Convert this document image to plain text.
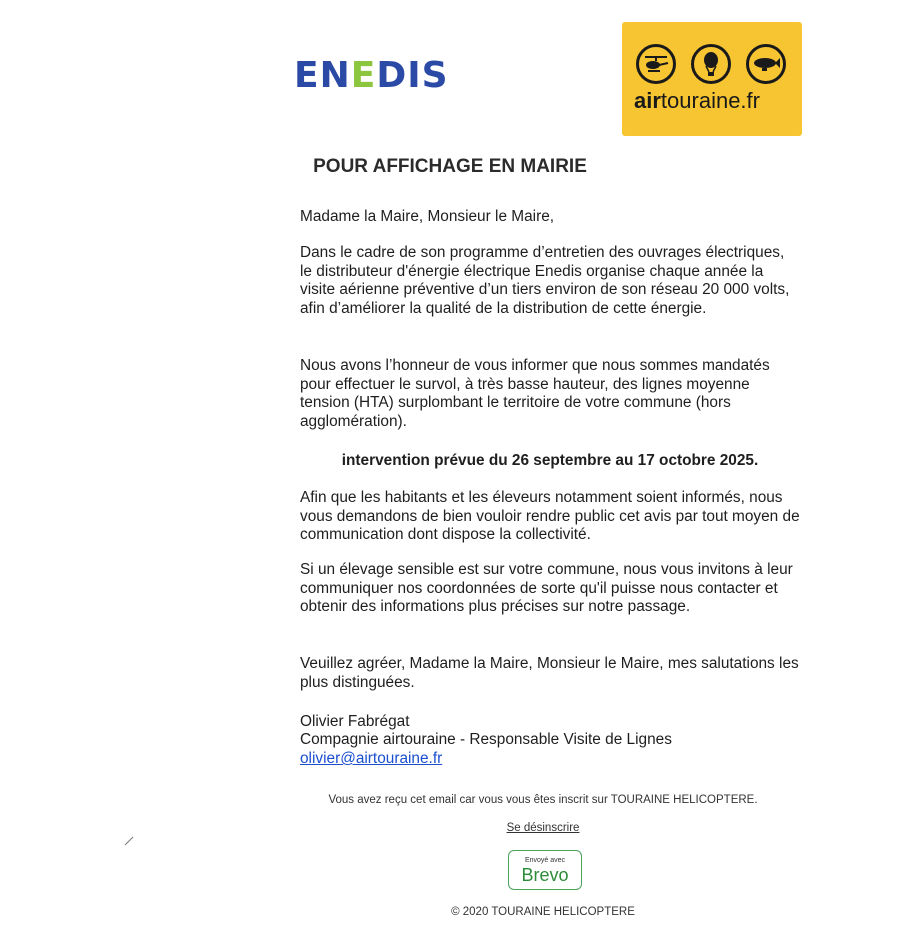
ENEDIS
airtouraine.fr
POUR AFFICHAGE EN MAIRIE
Madame la Maire, Monsieur le Maire,
Dans le cadre de son programme d’entretien des ouvrages électriques, le distributeur d'énergie électrique Enedis organise chaque année la visite aérienne préventive d’un tiers environ de son réseau 20 000 volts, afin d’améliorer la qualité de la distribution de cette énergie.
Nous avons l’honneur de vous informer que nous sommes mandatés pour effectuer le survol, à très basse hauteur, des lignes moyenne tension (HTA) surplombant le territoire de votre commune (hors agglomération).
intervention prévue du 26 septembre au 17 octobre 2025.
Afin que les habitants et les éleveurs notamment soient informés, nous vous demandons de bien vouloir rendre public cet avis par tout moyen de communication dont dispose la collectivité.
Si un élevage sensible est sur votre commune, nous vous invitons à leur communiquer nos coordonnées de sorte qu'il puisse nous contacter et obtenir des informations plus précises sur notre passage.
Veuillez agréer, Madame la Maire, Monsieur le Maire, mes salutations les plus distinguées.
Olivier Fabrégat
Compagnie airtouraine - Responsable Visite de Lignes
olivier@airtouraine.fr
Vous avez reçu cet email car vous vous êtes inscrit sur TOURAINE HELICOPTERE.
Se désinscrire
Envoyé avec
Brevo
© 2020 TOURAINE HELICOPTERE
